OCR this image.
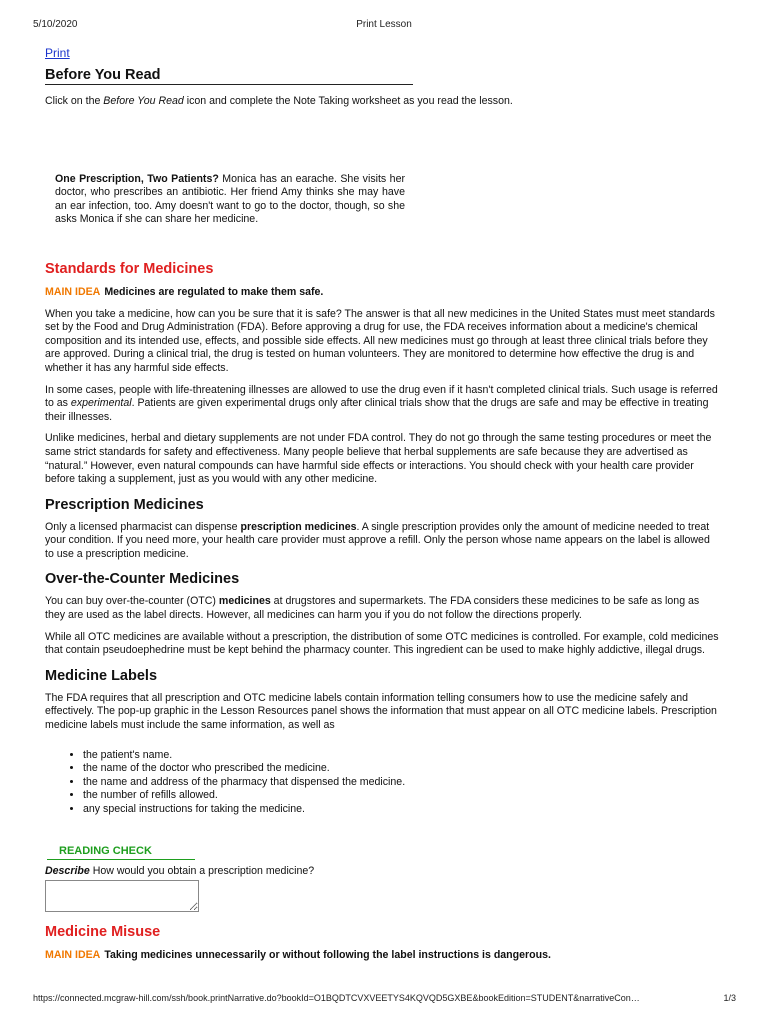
5/10/2020	Print Lesson
Print
Before You Read

Click on the Before You Read icon and complete the Note Taking worksheet as you read the lesson.

One Prescription, Two Patients? Monica has an earache. She visits her doctor, who prescribes an antibiotic. Her friend Amy thinks she may have an ear infection, too. Amy doesn't want to go to the doctor, though, so she asks Monica if she can share her medicine.

Standards for Medicines

MAIN IDEA Medicines are regulated to make them safe.

When you take a medicine, how can you be sure that it is safe? The answer is that all new medicines in the United States must meet standards set by the Food and Drug Administration (FDA). Before approving a drug for use, the FDA receives information about a medicine's chemical composition and its intended use, effects, and possible side effects. All new medicines must go through at least three clinical trials before they are approved. During a clinical trial, the drug is tested on human volunteers. They are monitored to determine how effective the drug is and whether it has any harmful side effects.

In some cases, people with life-threatening illnesses are allowed to use the drug even if it hasn't completed clinical trials. Such usage is referred to as experimental. Patients are given experimental drugs only after clinical trials show that the drugs are safe and may be effective in treating their illnesses.

Unlike medicines, herbal and dietary supplements are not under FDA control. They do not go through the same testing procedures or meet the same strict standards for safety and effectiveness. Many people believe that herbal supplements are safe because they are advertised as “natural.” However, even natural compounds can have harmful side effects or interactions. You should check with your health care provider before taking a supplement, just as you would with any other medicine.

Prescription Medicines

Only a licensed pharmacist can dispense prescription medicines. A single prescription provides only the amount of medicine needed to treat your condition. If you need more, your health care provider must approve a refill. Only the person whose name appears on the label is allowed to use a prescription medicine.

Over-the-Counter Medicines

You can buy over-the-counter (OTC) medicines at drugstores and supermarkets. The FDA considers these medicines to be safe as long as they are used as the label directs. However, all medicines can harm you if you do not follow the directions properly.

While all OTC medicines are available without a prescription, the distribution of some OTC medicines is controlled. For example, cold medicines that contain pseudoephedrine must be kept behind the pharmacy counter. This ingredient can be used to make highly addictive, illegal drugs.

Medicine Labels

The FDA requires that all prescription and OTC medicine labels contain information telling consumers how to use the medicine safely and effectively. The pop-up graphic in the Lesson Resources panel shows the information that must appear on all OTC medicine labels. Prescription medicine labels must include the same information, as well as

• the patient's name.
• the name of the doctor who prescribed the medicine.
• the name and address of the pharmacy that dispensed the medicine.
• the number of refills allowed.
• any special instructions for taking the medicine.
READING CHECK

Describe How would you obtain a prescription medicine?

Medicine Misuse

MAIN IDEA Taking medicines unnecessarily or without following the label instructions is dangerous.

https://connected.mcgraw-hill.com/ssh/book.printNarrative.do?bookId=O1BQDTCVXVEETYS4KQVQD5GXBE&bookEdition=STUDENT&narrativeCon…	1/3
